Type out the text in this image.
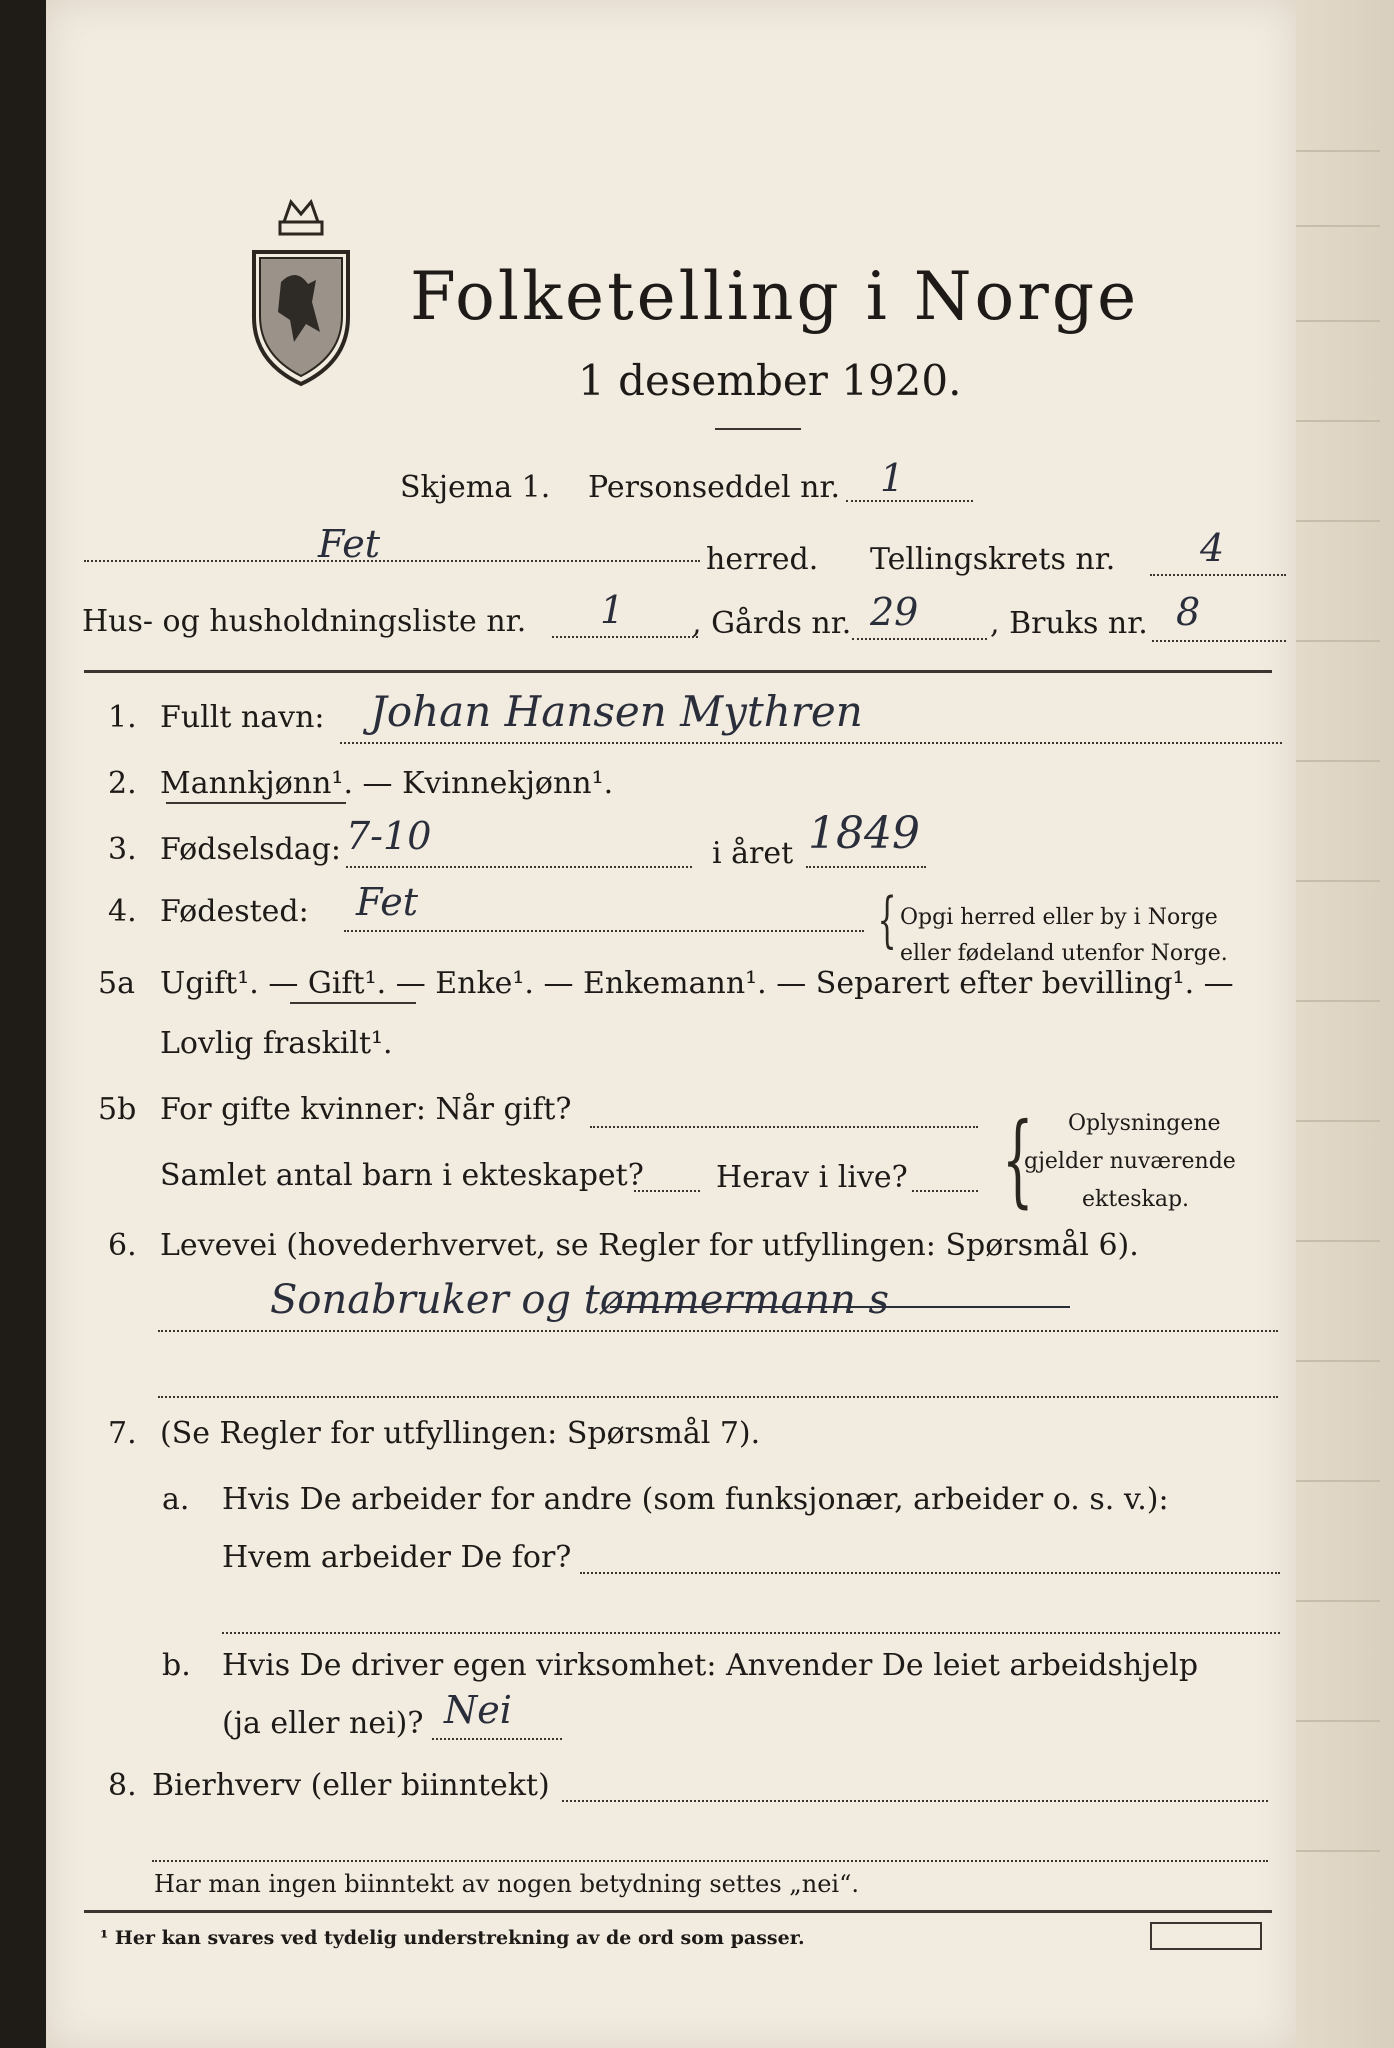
Folketelling i Norge
1 desember 1920.
Skjema 1. Personseddel nr. 1
Fet	herred. Tellingskrets nr. 4
Hus- og husholdningsliste nr. 1 , Gårds nr. 29 , Bruks nr. 8
1. Fullt navn: Johan Hansen Mythren
2. Mannkjønn¹. — Kvinnekjønn¹.
3. Fødselsdag: 7-10	i året 1849
4. Fødested: Fet	{ Opgi herred eller by i Norge
eller fødeland utenfor Norge.
5a Ugift¹. — Gift¹. — Enke¹. — Enkemann¹. — Separert efter bevilling¹. —
Lovlig fraskilt¹.
5b For gifte kvinner: Når gift?
Samlet antal barn i ekteskapet? Herav i live? { Oplysningene
gjelder nuværende
ekteskap.
6. Levevei (hovederhvervet, se Regler for utfyllingen: Spørsmål 6).
Sonabruker og tømmermann s
7. (Se Regler for utfyllingen: Spørsmål 7).
a. Hvis De arbeider for andre (som funksjonær, arbeider o. s. v.):
Hvem arbeider De for?
b. Hvis De driver egen virksomhet: Anvender De leiet arbeidshjelp
(ja eller nei)? Nei
8. Bierhverv (eller biinntekt)
Har man ingen biinntekt av nogen betydning settes „nei“.
¹ Her kan svares ved tydelig understrekning av de ord som passer.
